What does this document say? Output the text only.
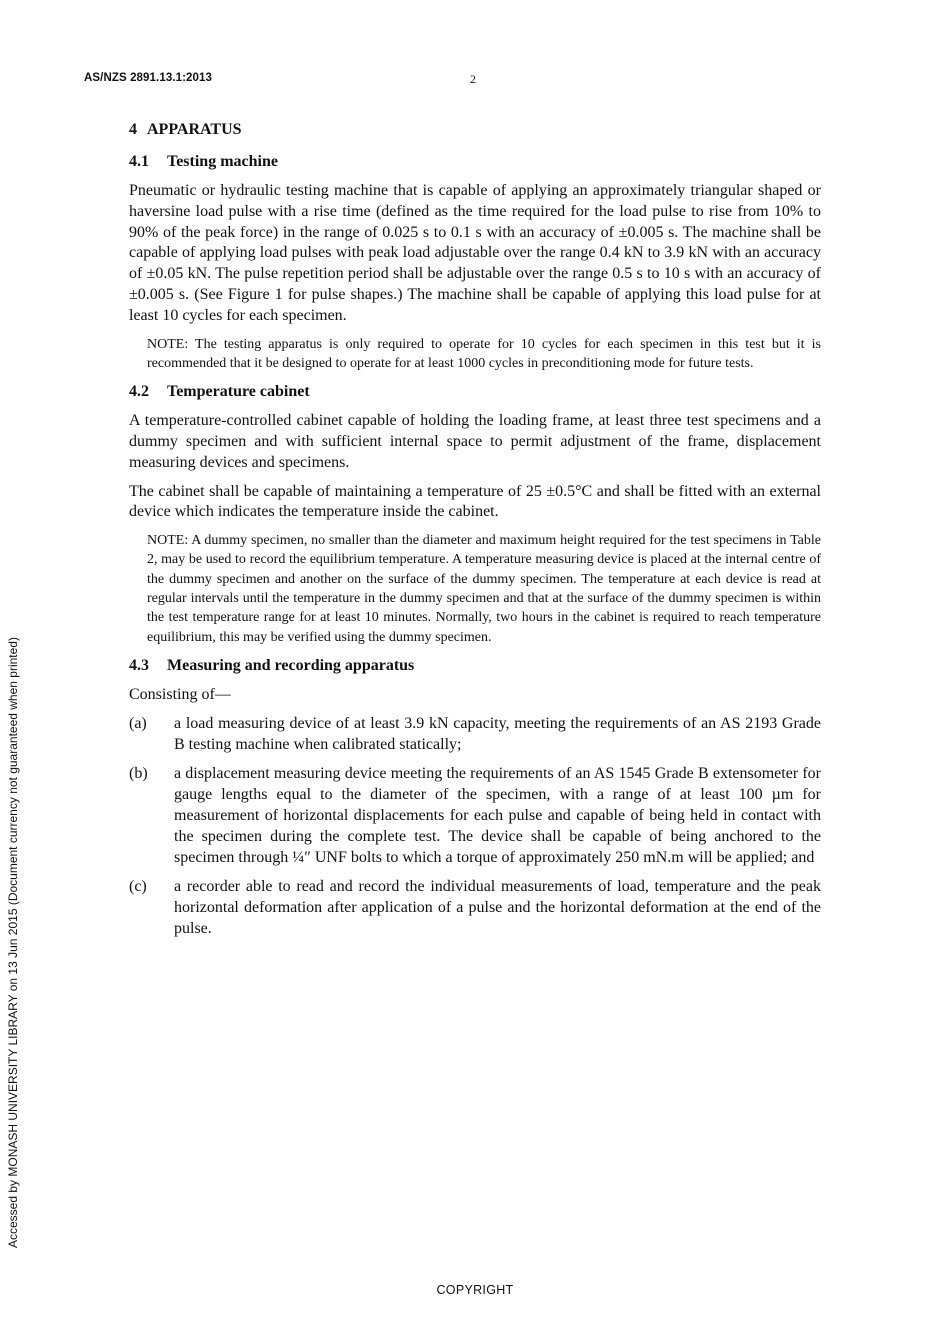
AS/NZS 2891.13.1:2013	2
Accessed by MONASH UNIVERSITY LIBRARY on 13 Jun 2015 (Document currency not guaranteed when printed)
4 APPARATUS
4.1 Testing machine

Pneumatic or hydraulic testing machine that is capable of applying an approximately triangular shaped or haversine load pulse with a rise time (defined as the time required for the load pulse to rise from 10% to 90% of the peak force) in the range of 0.025 s to 0.1 s with an accuracy of ±0.005 s. The machine shall be capable of applying load pulses with peak load adjustable over the range 0.4 kN to 3.9 kN with an accuracy of ±0.05 kN. The pulse repetition period shall be adjustable over the range 0.5 s to 10 s with an accuracy of ±0.005 s. (See Figure 1 for pulse shapes.) The machine shall be capable of applying this load pulse for at least 10 cycles for each specimen.

NOTE: The testing apparatus is only required to operate for 10 cycles for each specimen in this test but it is recommended that it be designed to operate for at least 1000 cycles in preconditioning mode for future tests.

4.2 Temperature cabinet

A temperature-controlled cabinet capable of holding the loading frame, at least three test specimens and a dummy specimen and with sufficient internal space to permit adjustment of the frame, displacement measuring devices and specimens.

The cabinet shall be capable of maintaining a temperature of 25 ±0.5°C and shall be fitted with an external device which indicates the temperature inside the cabinet.

NOTE: A dummy specimen, no smaller than the diameter and maximum height required for the test specimens in Table 2, may be used to record the equilibrium temperature. A temperature measuring device is placed at the internal centre of the dummy specimen and another on the surface of the dummy specimen. The temperature at each device is read at regular intervals until the temperature in the dummy specimen and that at the surface of the dummy specimen is within the test temperature range for at least 10 minutes. Normally, two hours in the cabinet is required to reach temperature equilibrium, this may be verified using the dummy specimen.

4.3 Measuring and recording apparatus

Consisting of—

(a)	a load measuring device of at least 3.9 kN capacity, meeting the requirements of an AS 2193 Grade B testing machine when calibrated statically;
(b)	a displacement measuring device meeting the requirements of an AS 1545 Grade B extensometer for gauge lengths equal to the diameter of the specimen, with a range of at least 100 µm for measurement of horizontal displacements for each pulse and capable of being held in contact with the specimen during the complete test. The device shall be capable of being anchored to the specimen through ¼″ UNF bolts to which a torque of approximately 250 mN.m will be applied; and
(c)	a recorder able to read and record the individual measurements of load, temperature and the peak horizontal deformation after application of a pulse and the horizontal deformation at the end of the pulse.
COPYRIGHT
